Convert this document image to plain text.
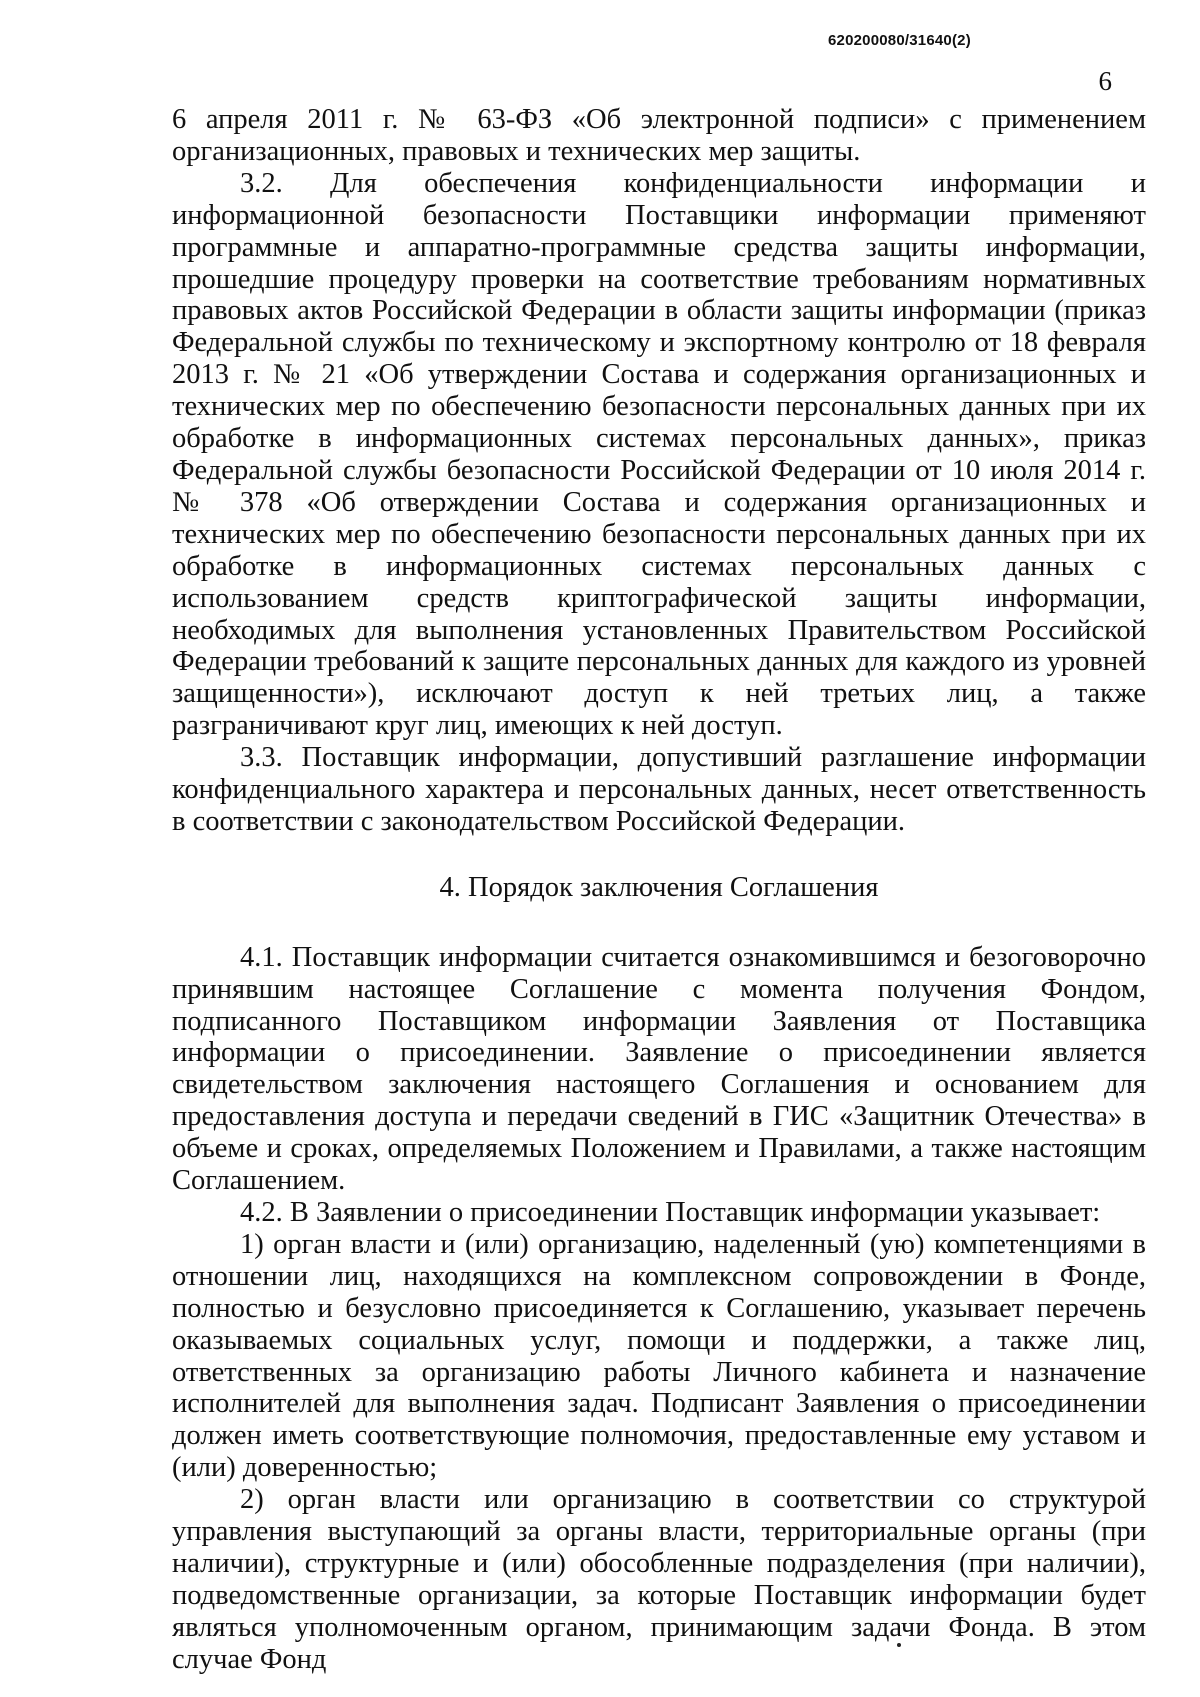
620200080/31640(2)
6

6 апреля 2011 г. № 63-ФЗ «Об электронной подписи» с применением организационных, правовых и технических мер защиты.

3.2. Для обеспечения конфиденциальности информации и информационной безопасности Поставщики информации применяют программные и аппаратно-программные средства защиты информации, прошедшие процедуру проверки на соответствие требованиям нормативных правовых актов Российской Федерации в области защиты информации (приказ Федеральной службы по техническому и экспортному контролю от 18 февраля 2013 г. № 21 «Об утверждении Состава и содержания организационных и технических мер по обеспечению безопасности персональных данных при их обработке в информационных системах персональных данных», приказ Федеральной службы безопасности Российской Федерации от 10 июля 2014 г. № 378 «Об отверждении Состава и содержания организационных и технических мер по обеспечению безопасности персональных данных при их обработке в информационных системах персональных данных с использованием средств криптографической защиты информации, необходимых для выполнения установленных Правительством Российской Федерации требований к защите персональных данных для каждого из уровней защищенности»), исключают доступ к ней третьих лиц, а также разграничивают круг лиц, имеющих к ней доступ.

3.3. Поставщик информации, допустивший разглашение информации конфиденциального характера и персональных данных, несет ответственность в соответствии с законодательством Российской Федерации.

4. Порядок заключения Соглашения

4.1. Поставщик информации считается ознакомившимся и безоговорочно принявшим настоящее Соглашение с момента получения Фондом, подписанного Поставщиком информации Заявления от Поставщика информации о присоединении. Заявление о присоединении является свидетельством заключения настоящего Соглашения и основанием для предоставления доступа и передачи сведений в ГИС «Защитник Отечества» в объеме и сроках, определяемых Положением и Правилами, а также настоящим Соглашением.

4.2. В Заявлении о присоединении Поставщик информации указывает:

1) орган власти и (или) организацию, наделенный (ую) компетенциями в отношении лиц, находящихся на комплексном сопровождении в Фонде, полностью и безусловно присоединяется к Соглашению, указывает перечень оказываемых социальных услуг, помощи и поддержки, а также лиц, ответственных за организацию работы Личного кабинета и назначение исполнителей для выполнения задач. Подписант Заявления о присоединении должен иметь соответствующие полномочия, предоставленные ему уставом и (или) доверенностью;

2) орган власти или организацию в соответствии со структурой управления выступающий за органы власти, территориальные органы (при наличии), структурные и (или) обособленные подразделения (при наличии), подведомственные организации, за которые Поставщик информации будет являться уполномоченным органом, принимающим задачи Фонда. В этом случае Фонд
